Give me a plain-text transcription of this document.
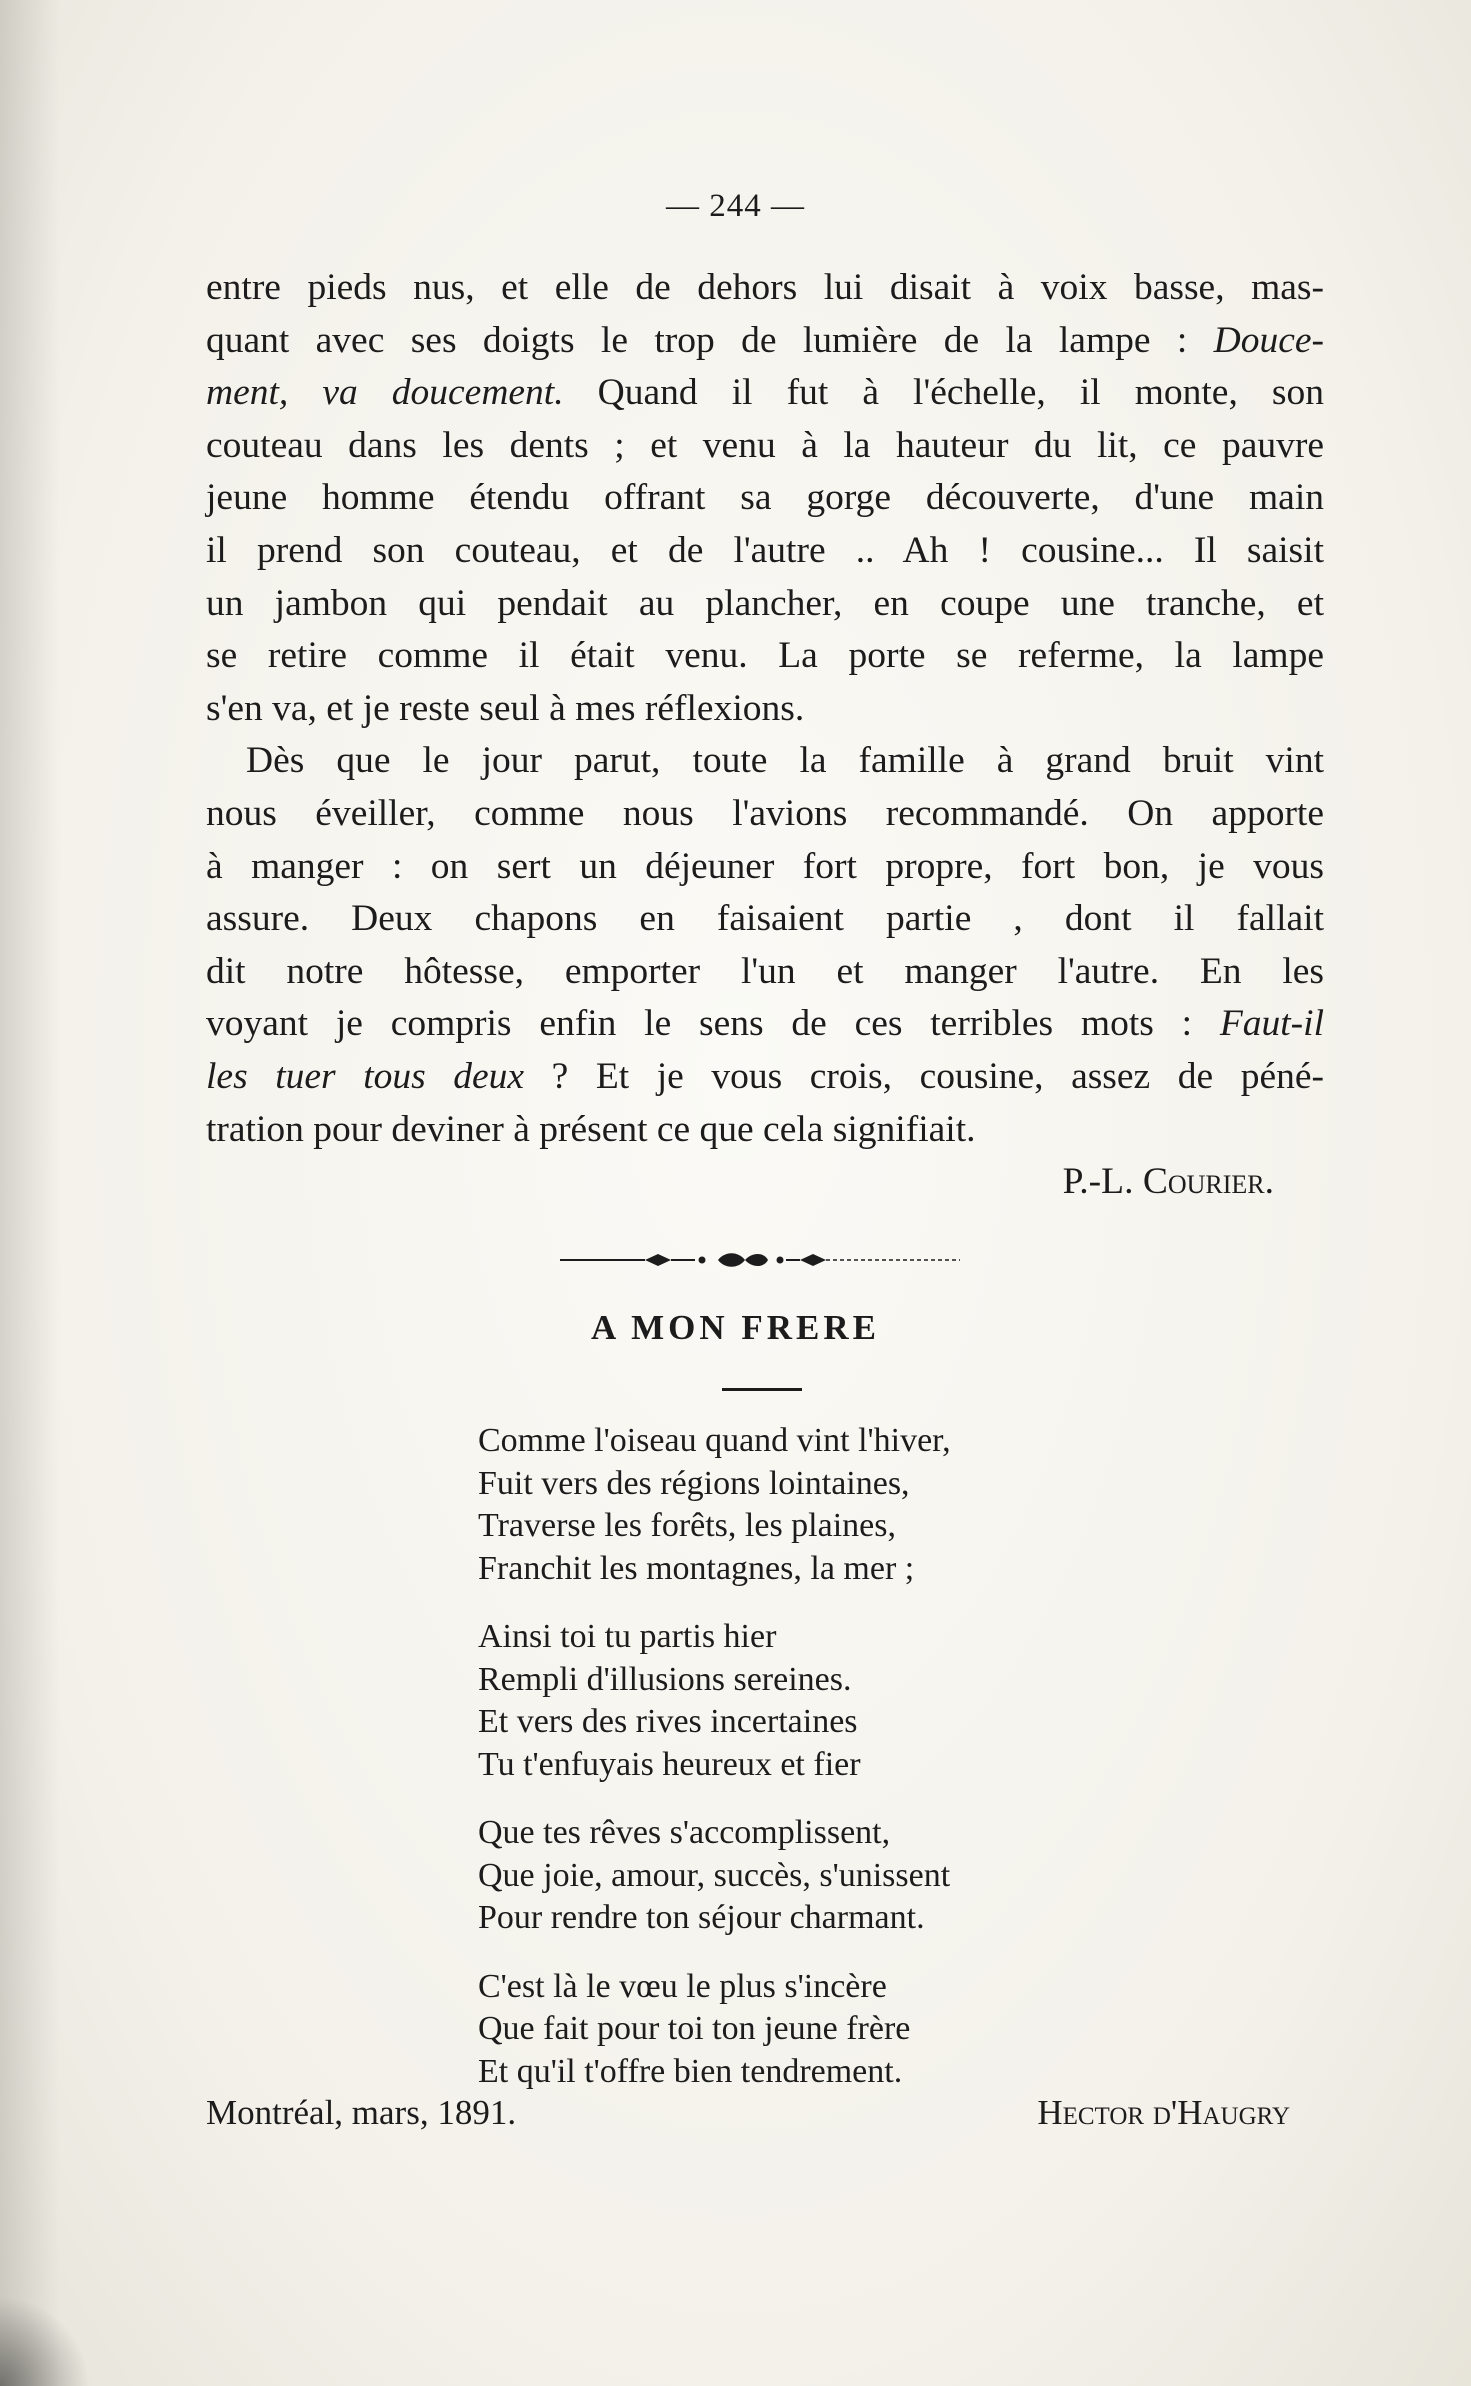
— 244 —
entre pieds nus, et elle de dehors lui disait à voix basse, mas-
quant avec ses doigts le trop de lumière de la lampe : Douce-
ment, va doucement. Quand il fut à l'échelle, il monte, son
couteau dans les dents ; et venu à la hauteur du lit, ce pauvre
jeune homme étendu offrant sa gorge découverte, d'une main
il prend son couteau, et de l'autre .. Ah ! cousine... Il saisit
un jambon qui pendait au plancher, en coupe une tranche, et
se retire comme il était venu. La porte se referme, la lampe
s'en va, et je reste seul à mes réflexions.
Dès que le jour parut, toute la famille à grand bruit vint
nous éveiller, comme nous l'avions recommandé. On apporte
à manger : on sert un déjeuner fort propre, fort bon, je vous
assure. Deux chapons en faisaient partie , dont il fallait
dit notre hôtesse, emporter l'un et manger l'autre. En les
voyant je compris enfin le sens de ces terribles mots : Faut-il
les tuer tous deux ? Et je vous crois, cousine, assez de péné-
tration pour deviner à présent ce que cela signifiait.
P.-L. Courier.
A MON FRERE
Comme l'oiseau quand vint l'hiver,
Fuit vers des régions lointaines,
Traverse les forêts, les plaines,
Franchit les montagnes, la mer ;
Ainsi toi tu partis hier
Rempli d'illusions sereines.
Et vers des rives incertaines
Tu t'enfuyais heureux et fier
Que tes rêves s'accomplissent,
Que joie, amour, succès, s'unissent
Pour rendre ton séjour charmant.
C'est là le vœu le plus s'incère
Que fait pour toi ton jeune frère
Et qu'il t'offre bien tendrement.
Montréal, mars, 1891.	Hector d'Haugry
